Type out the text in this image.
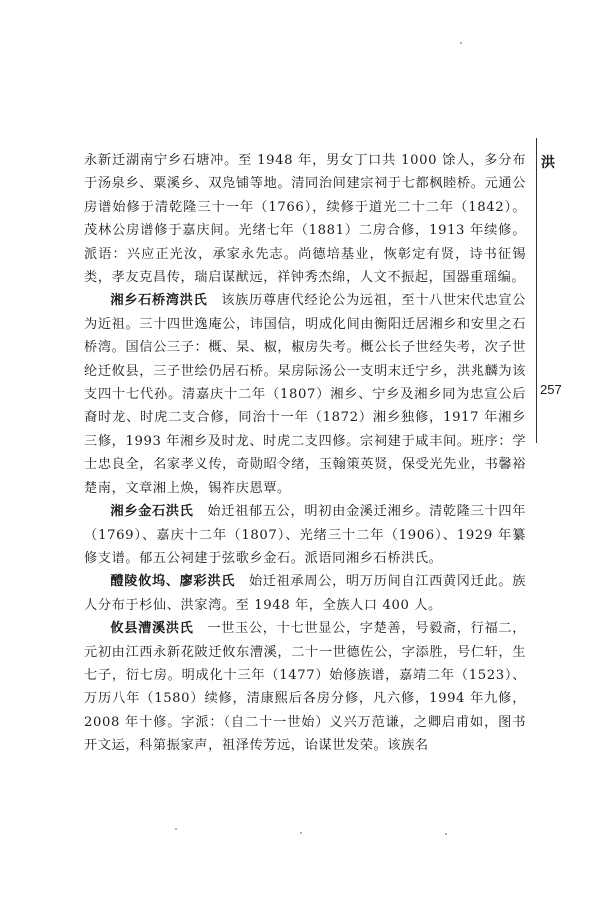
洪
257

永新迁湖南宁乡石塘冲。至 1948 年，男女丁口共 1000 馀人，多分布于汤泉乡、粟溪乡、双凫铺等地。清同治间建宗祠于七都枫睦桥。元通公房谱始修于清乾隆三十一年（1766），续修于道光二十二年（1842）。茂林公房谱修于嘉庆间。光绪七年（1881）二房合修，1913 年续修。派语：兴应正光汝，承家永先志。尚德培基业，恢彰定有贤，诗书征锡类，孝友克昌传，瑞启谋猷远，祥钟秀杰绵，人文不振起，国器重瑶编。

湘乡石桥湾洪氏　该族历尊唐代经论公为远祖，至十八世宋代忠宣公为近祖。三十四世逸庵公，讳国信，明成化间由衡阳迁居湘乡和安里之石桥湾。国信公三子：概、杲、椒，椒房失考。概公长子世经失考，次子世纶迁攸县，三子世绘仍居石桥。杲房际汤公一支明末迁宁乡，洪兆麟为该支四十七代孙。清嘉庆十二年（1807）湘乡、宁乡及湘乡同为忠宣公后裔时龙、时虎二支合修，同治十一年（1872）湘乡独修，1917 年湘乡三修，1993 年湘乡及时龙、时虎二支四修。宗祠建于咸丰间。班序：学士忠良全，名家孝义传，奇勋昭令绪，玉翰策英贤，保受光先业，书馨裕楚南，文章湘上焕，锡祚庆恩覃。

湘乡金石洪氏　始迁祖郁五公，明初由金溪迁湘乡。清乾隆三十四年（1769）、嘉庆十二年（1807）、光绪三十二年（1906）、1929 年纂修支谱。郁五公祠建于弦歌乡金石。派语同湘乡石桥洪氏。

醴陵攸坞、廖彩洪氏　始迁祖承周公，明万历间自江西黄冈迁此。族人分布于杉仙、洪家湾。至 1948 年，全族人口 400 人。

攸县漕溪洪氏　一世玉公，十七世显公，字楚善，号毅斋，行福二，元初由江西永新花陂迁攸东漕溪，二十一世德佐公，字添胜，号仁轩，生七子，衍七房。明成化十三年（1477）始修族谱，嘉靖二年（1523）、万历八年（1580）续修，清康熙后各房分修，凡六修，1994 年九修，2008 年十修。字派：（自二十一世始）义兴万范谦，之卿启甫如，图书开文运，科第振家声，祖泽传芳远，诒谋世发荣。该族名
